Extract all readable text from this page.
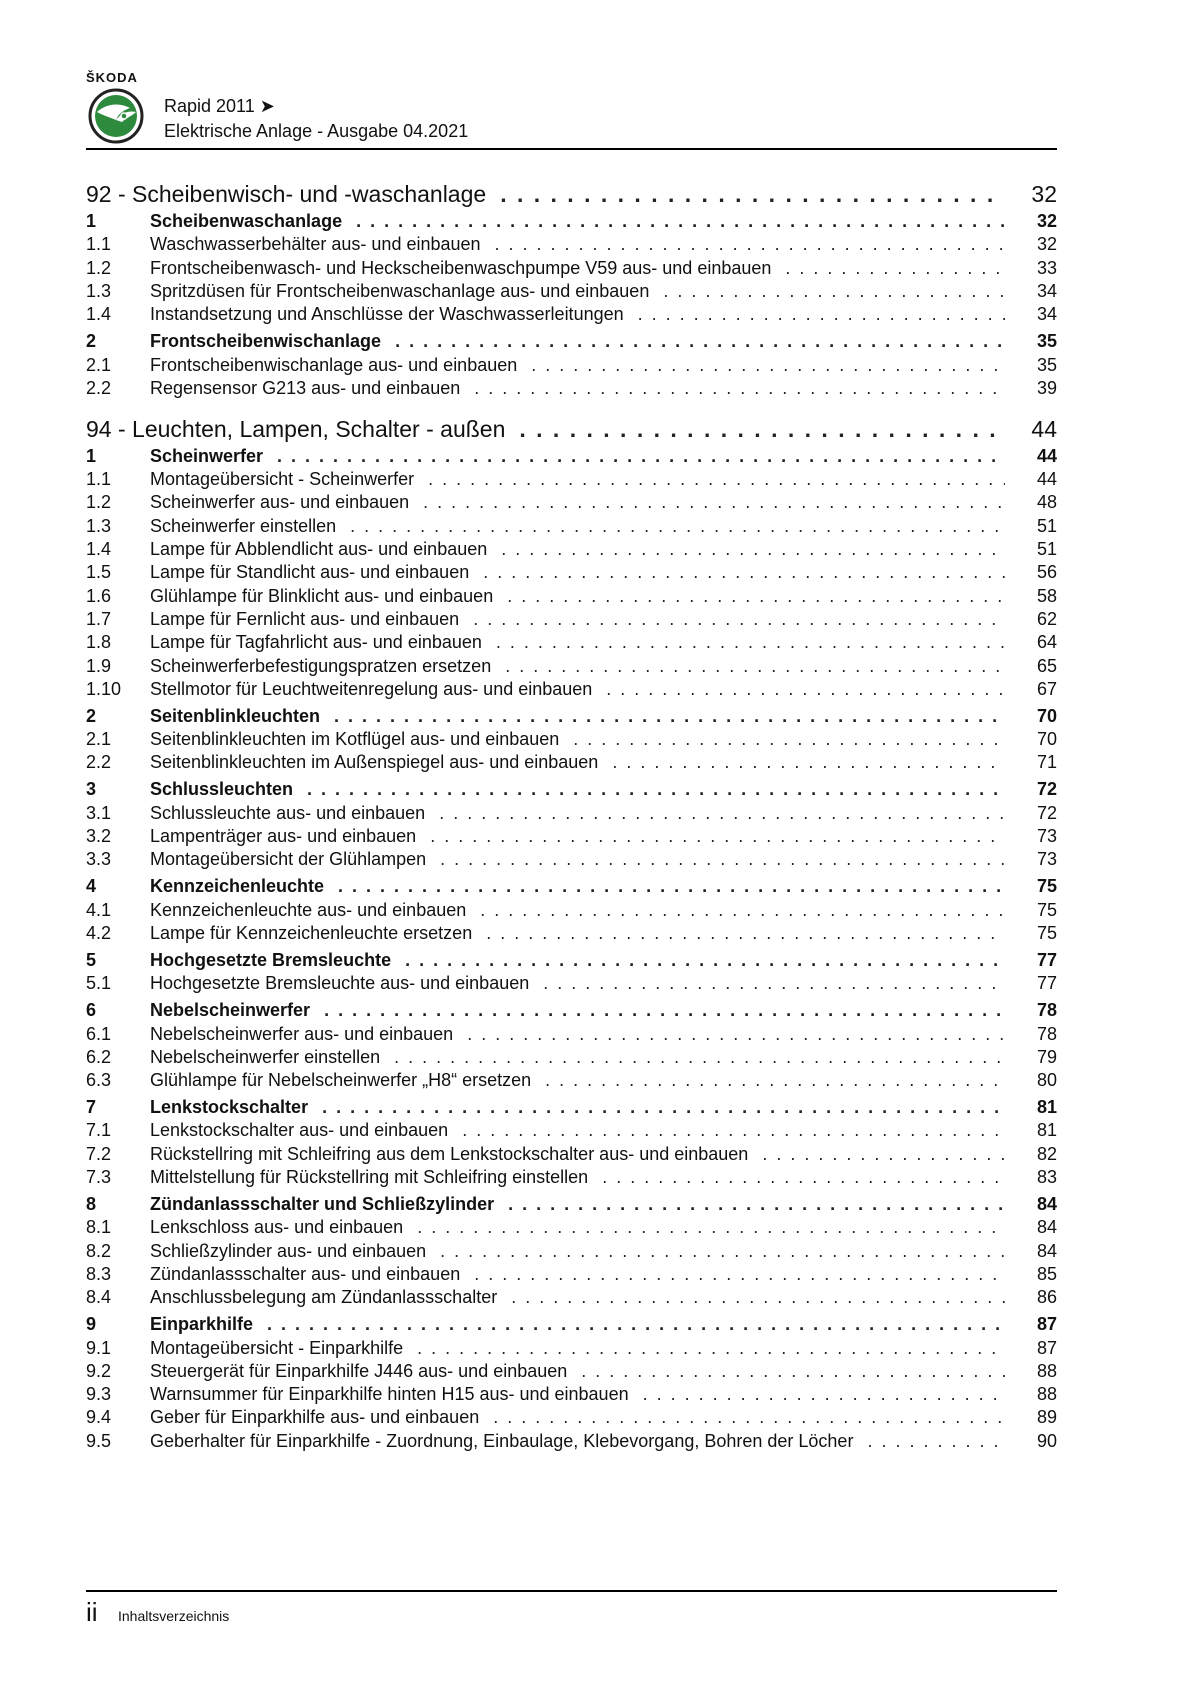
ŠKODA
Rapid 2011 ➤
Elektrische Anlage - Ausgabe 04.2021
92 - Scheibenwisch- und -waschanlage . . .	32
1	Scheibenwaschanlage . . .	32
1.1	Waschwasserbehälter aus- und einbauen . . .	32
1.2	Frontscheibenwasch- und Heckscheibenwaschpumpe V59 aus- und einbauen . . .	33
1.3	Spritzdüsen für Frontscheibenwaschanlage aus- und einbauen . . .	34
1.4	Instandsetzung und Anschlüsse der Waschwasserleitungen . . .	34
2	Frontscheibenwischanlage . . .	35
2.1	Frontscheibenwischanlage aus- und einbauen . . .	35
2.2	Regensensor G213 aus- und einbauen . . .	39
94 - Leuchten, Lampen, Schalter - außen . . .	44
1	Scheinwerfer . . .	44
1.1	Montageübersicht - Scheinwerfer . . .	44
1.2	Scheinwerfer aus- und einbauen . . .	48
1.3	Scheinwerfer einstellen . . .	51
1.4	Lampe für Abblendlicht aus- und einbauen . . .	51
1.5	Lampe für Standlicht aus- und einbauen . . .	56
1.6	Glühlampe für Blinklicht aus- und einbauen . . .	58
1.7	Lampe für Fernlicht aus- und einbauen . . .	62
1.8	Lampe für Tagfahrlicht aus- und einbauen . . .	64
1.9	Scheinwerferbefestigungspratzen ersetzen . . .	65
1.10	Stellmotor für Leuchtweitenregelung aus- und einbauen . . .	67
2	Seitenblinkleuchten . . .	70
2.1	Seitenblinkleuchten im Kotflügel aus- und einbauen . . .	70
2.2	Seitenblinkleuchten im Außenspiegel aus- und einbauen . . .	71
3	Schlussleuchten . . .	72
3.1	Schlussleuchte aus- und einbauen . . .	72
3.2	Lampenträger aus- und einbauen . . .	73
3.3	Montageübersicht der Glühlampen . . .	73
4	Kennzeichenleuchte . . .	75
4.1	Kennzeichenleuchte aus- und einbauen . . .	75
4.2	Lampe für Kennzeichenleuchte ersetzen . . .	75
5	Hochgesetzte Bremsleuchte . . .	77
5.1	Hochgesetzte Bremsleuchte aus- und einbauen . . .	77
6	Nebelscheinwerfer . . .	78
6.1	Nebelscheinwerfer aus- und einbauen . . .	78
6.2	Nebelscheinwerfer einstellen . . .	79
6.3	Glühlampe für Nebelscheinwerfer „H8“ ersetzen . . .	80
7	Lenkstockschalter . . .	81
7.1	Lenkstockschalter aus- und einbauen . . .	81
7.2	Rückstellring mit Schleifring aus dem Lenkstockschalter aus- und einbauen . . .	82
7.3	Mittelstellung für Rückstellring mit Schleifring einstellen . . .	83
8	Zündanlassschalter und Schließzylinder . . .	84
8.1	Lenkschloss aus- und einbauen . . .	84
8.2	Schließzylinder aus- und einbauen . . .	84
8.3	Zündanlassschalter aus- und einbauen . . .	85
8.4	Anschlussbelegung am Zündanlassschalter . . .	86
9	Einparkhilfe . . .	87
9.1	Montageübersicht - Einparkhilfe . . .	87
9.2	Steuergerät für Einparkhilfe J446 aus- und einbauen . . .	88
9.3	Warnsummer für Einparkhilfe hinten H15 aus- und einbauen . . .	88
9.4	Geber für Einparkhilfe aus- und einbauen . . .	89
9.5	Geberhalter für Einparkhilfe - Zuordnung, Einbaulage, Klebevorgang, Bohren der Löcher . . .	90
ii Inhaltsverzeichnis
